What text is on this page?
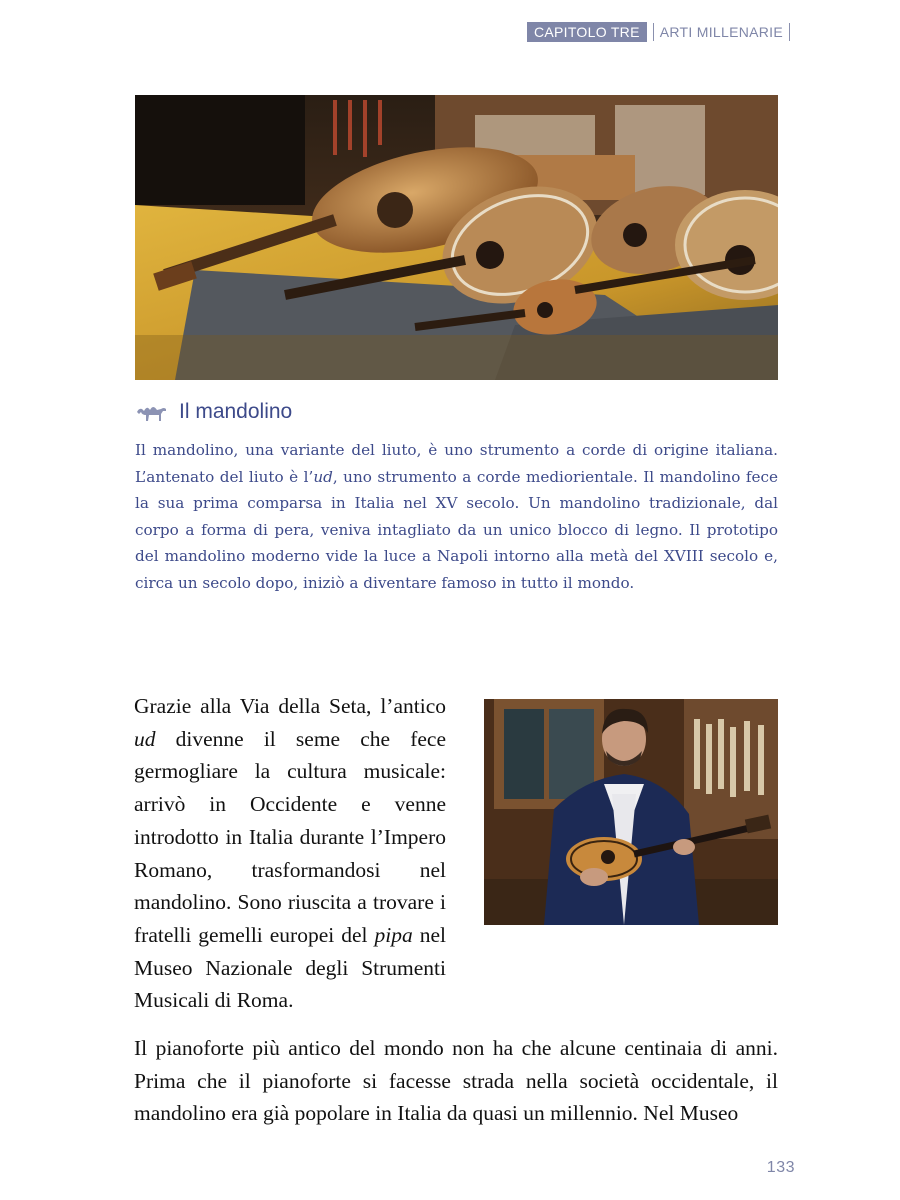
CAPITOLO TRE	ARTI MILLENARIE
Il mandolino

Il mandolino, una variante del liuto, è uno strumento a corde di origine italiana. L’antenato del liuto è l’ud, uno strumento a corde mediorientale. Il mandolino fece la sua prima comparsa in Italia nel XV secolo. Un mandolino tradizionale, dal corpo a forma di pera, veniva intagliato da un unico blocco di legno. Il prototipo del mandolino moderno vide la luce a Napoli intorno alla metà del XVIII secolo e, circa un secolo dopo, iniziò a diventare famoso in tutto il mondo.

Grazie alla Via della Seta, l’antico ud divenne il seme che fece germogliare la cultura musicale: arrivò in Occidente e venne introdotto in Italia durante l’Impero Romano, trasformandosi nel mandolino. Sono riuscita a trovare i fratelli gemelli europei del pipa nel Museo Nazionale degli Strumenti Musicali di Roma.

Il pianoforte più antico del mondo non ha che alcune centinaia di anni. Prima che il pianoforte si facesse strada nella società occidentale, il mandolino era già popolare in Italia da quasi un millennio. Nel Museo

133
